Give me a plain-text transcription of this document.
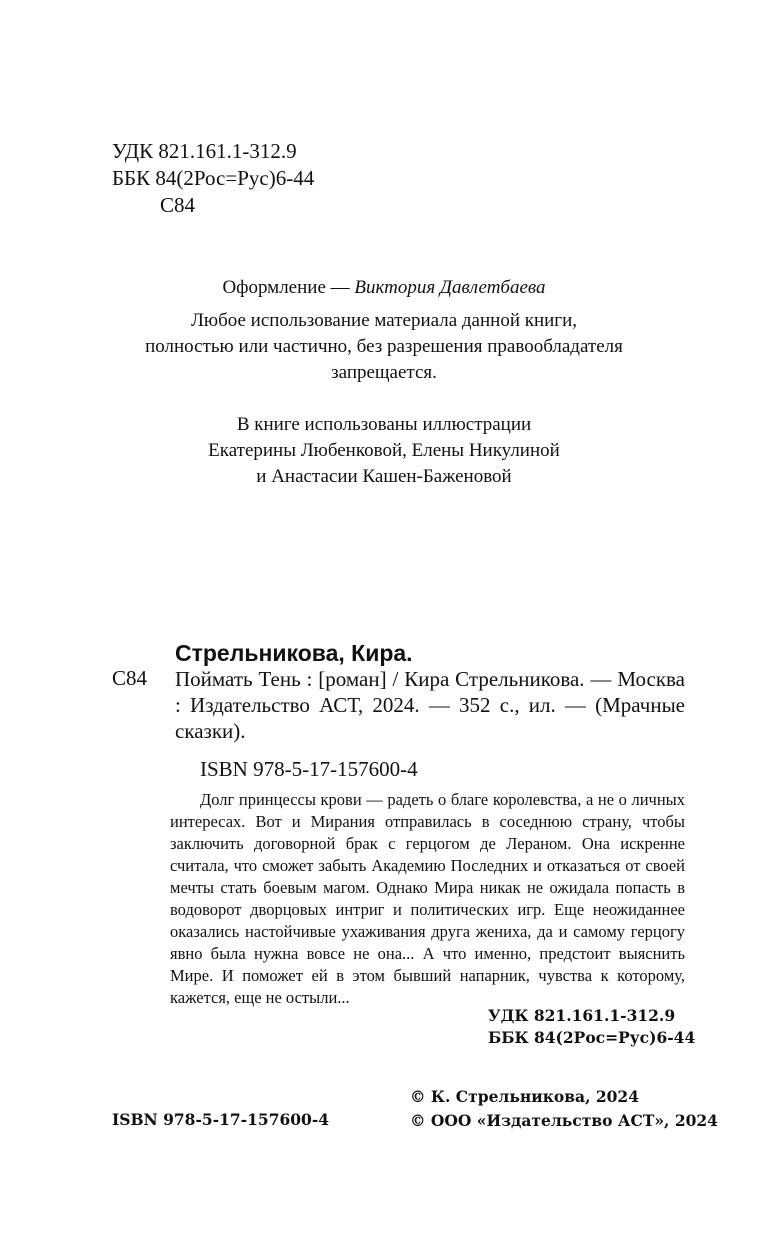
УДК 821.161.1-312.9
ББК 84(2Рос=Рус)6-44
С84
Оформление — Виктория Давлетбаева
Любое использование материала данной книги,
полностью или частично, без разрешения правообладателя
запрещается.
В книге использованы иллюстрации
Екатерины Любенковой, Елены Никулиной
и Анастасии Кашен-Баженовой
Стрельникова, Кира.
С84 Поймать Тень : [роман] / Кира Стрельникова. — Москва : Издательство АСТ, 2024. — 352 с., ил. — (Мрачные сказки).
ISBN 978-5-17-157600-4
Долг принцессы крови — радеть о благе королевства, а не о личных интересах. Вот и Мирания отправилась в соседнюю страну, чтобы заключить договорной брак с герцогом де Лераном. Она искренне считала, что сможет забыть Академию Последних и отказаться от своей мечты стать боевым магом. Однако Мира никак не ожидала попасть в водоворот дворцовых интриг и политических игр. Еще неожиданнее оказались настойчивые ухаживания друга жениха, да и самому герцогу явно была нужна вовсе не она... А что именно, предстоит выяснить Мире. И поможет ей в этом бывший напарник, чувства к которому, кажется, еще не остыли...
УДК 821.161.1-312.9
ББК 84(2Рос=Рус)6-44
© К. Стрельникова, 2024
© ООО «Издательство АСТ», 2024
ISBN 978-5-17-157600-4
